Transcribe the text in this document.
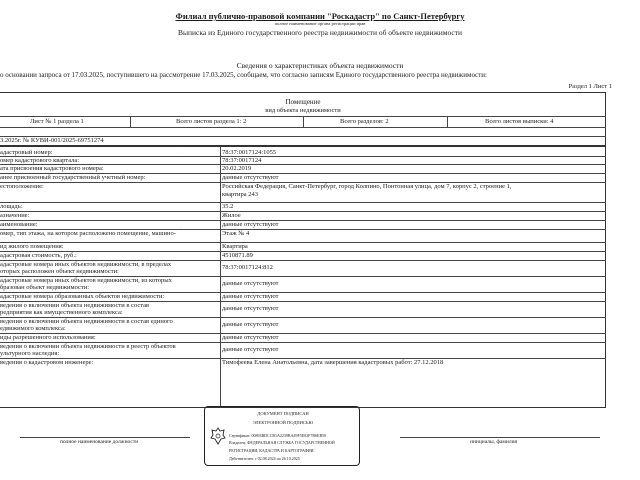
Филиал публично-правовой компании "Роскадастр" по Санкт-Петербургу
полное наименование органа регистрации прав
Выписка из Единого государственного реестра недвижимости об объекте недвижимости
Сведения о характеристиках объекта недвижимости
о основании запроса от 17.03.2025, поступившего на рассмотрение 17.03.2025, сообщаем, что согласно записям Единого государственного реестра недвижимости:
Раздел 1 Лист 1
Помещение
вид объекта недвижимости
Лист № 1 раздела 1	Всего листов раздела 1: 2	Всего разделов: 2	Всего листов выписки: 4
3.2025г. № КУВИ-001/2025-69751274
адастровый номер:	78:37:0017124:1055
омер кадастрового квартала:	78:37:0017124
ата присвоения кадастрового номера:	20.02.2019
анее присвоенный государственный учетный номер:	данные отсутствуют
естоположение:	Российская Федерация, Санкт-Петербург, город Колпино, Понтонная улица, дом 7, корпус 2, строение 1,
квартира 243
лощадь:	35.2
азначение:	Жилое
аименование:	данные отсутствуют
омер, тип этажа, на котором расположено помещение, машино-	Этаж № 4
ид жилого помещения:	Квартира
адастровая стоимость, руб.:	4510871.89
адастровые номера иных объектов недвижимости, в пределах
оторых расположен объект недвижимости:
78:37:0017124:812
адастровые номера иных объектов недвижимости, из которых
бразован объект недвижимости:
данные отсутствуют
адастровые номера образованных объектов недвижимости:	данные отсутствуют
ведения о включении объекта недвижимости в состав
редприятия как имущественного комплекса:
данные отсутствуют
ведения о включении объекта недвижимости в состав единого
едвижимого комплекса:
данные отсутствуют
иды разрешенного использования:	данные отсутствуют
ведения о включении объекта недвижимости в реестр объектов
ультурного наследия:
данные отсутствуют
ведения о кадастровом инженере:	Тимофеева Елена Анатольевна, дата завершения кадастровых работ: 27.12.2018
·
·
·
полное наименование должности	инициалы, фамилия
ДОКУМЕНТ ПОДПИСАН
ЭЛЕКТРОННОЙ ПОДПИСЬЮ
Сертификат: 00893BDCCB1A2239BA49F5E02F7B6EB50
Владелец: ФЕДЕРАЛЬНАЯ СЛУЖБА ГОСУДАРСТВЕННОЙ
РЕГИСТРАЦИИ, КАДАСТРА И КАРТОГРАФИИ
Действителен: с 02.08.2024 по 26.10.2025
